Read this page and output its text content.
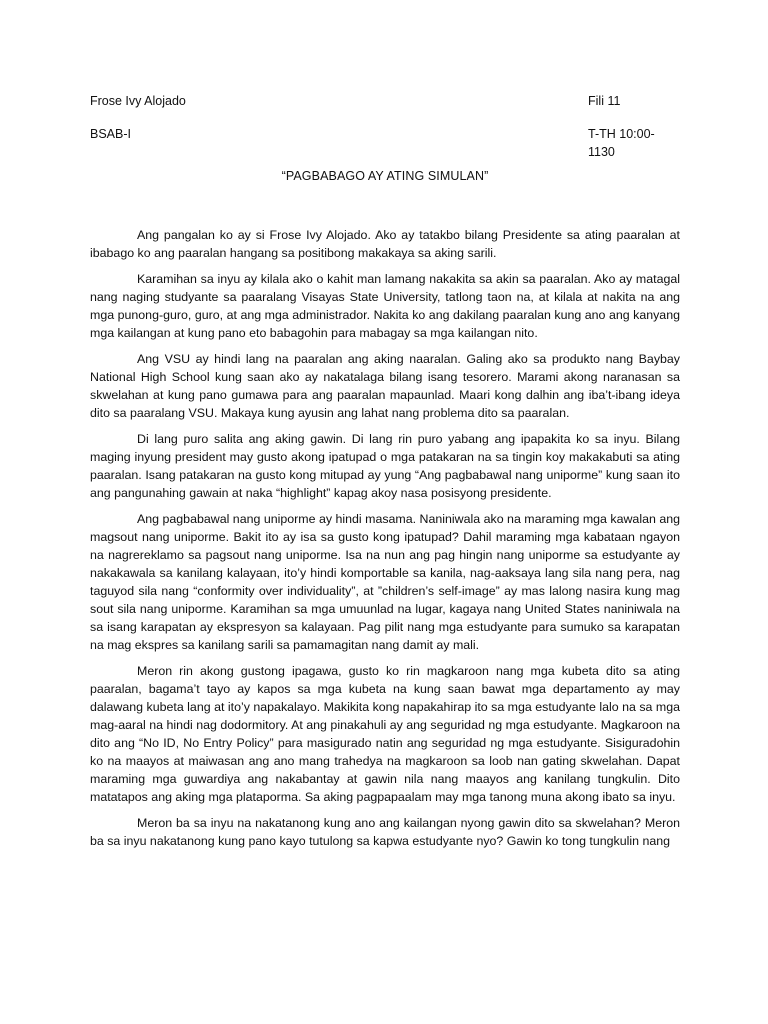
Frose Ivy Alojado	Fili 11
BSAB-I	T-TH 10:00-1130
“PAGBABAGO AY ATING SIMULAN”

Ang pangalan ko ay si Frose Ivy Alojado. Ako ay tatakbo bilang Presidente sa ating paaralan at ibabago ko ang paaralan hangang sa positibong makakaya sa aking sarili.

Karamihan sa inyu ay kilala ako o kahit man lamang nakakita sa akin sa paaralan. Ako ay matagal nang naging studyante sa paaralang Visayas State University, tatlong taon na, at kilala at nakita na ang mga punong-guro, guro, at ang mga administrador. Nakita ko ang dakilang paaralan kung ano ang kanyang mga kailangan at kung pano eto babagohin para mabagay sa mga kailangan nito.

Ang VSU ay hindi lang na paaralan ang aking naaralan. Galing ako sa produkto nang Baybay National High School kung saan ako ay nakatalaga bilang isang tesorero. Marami akong naranasan sa skwelahan at kung pano gumawa para ang paaralan mapaunlad. Maari kong dalhin ang iba’t-ibang ideya dito sa paaralang VSU. Makaya kung ayusin ang lahat nang problema dito sa paaralan.

Di lang puro salita ang aking gawin. Di lang rin puro yabang ang ipapakita ko sa inyu. Bilang maging inyung president may gusto akong ipatupad o mga patakaran na sa tingin koy makakabuti sa ating paaralan. Isang patakaran na gusto kong mitupad ay yung “Ang pagbabawal nang uniporme” kung saan ito ang pangunahing gawain at naka “highlight” kapag akoy nasa posisyong presidente.

Ang pagbabawal nang uniporme ay hindi masama. Naniniwala ako na maraming mga kawalan ang magsout nang uniporme. Bakit ito ay isa sa gusto kong ipatupad? Dahil maraming mga kabataan ngayon na nagrereklamo sa pagsout nang uniporme. Isa na nun ang pag hingin nang uniporme sa estudyante ay nakakawala sa kanilang kalayaan, ito’y hindi komportable sa kanila, nag-aaksaya lang sila nang pera, nag taguyod sila nang “conformity over individuality”, at ”children’s self-image” ay mas lalong nasira kung mag sout sila nang uniporme. Karamihan sa mga umuunlad na lugar, kagaya nang United States naniniwala na sa isang karapatan ay ekspresyon sa kalayaan. Pag pilit nang mga estudyante para sumuko sa karapatan na mag ekspres sa kanilang sarili sa pamamagitan nang damit ay mali.

Meron rin akong gustong ipagawa, gusto ko rin magkaroon nang mga kubeta dito sa ating paaralan, bagama’t tayo ay kapos sa mga kubeta na kung saan bawat mga departamento ay may dalawang kubeta lang at ito’y napakalayo. Makikita kong napakahirap ito sa mga estudyante lalo na sa mga mag-aaral na hindi nag dodormitory. At ang pinakahuli ay ang seguridad ng mga estudyante. Magkaroon na dito ang “No ID, No Entry Policy” para masigurado natin ang seguridad ng mga estudyante. Sisiguradohin ko na maayos at maiwasan ang ano mang trahedya na magkaroon sa loob nan gating skwelahan. Dapat maraming mga guwardiya ang nakabantay at gawin nila nang maayos ang kanilang tungkulin. Dito matatapos ang aking mga plataporma. Sa aking pagpapaalam may mga tanong muna akong ibato sa inyu.

Meron ba sa inyu na nakatanong kung ano ang kailangan nyong gawin dito sa skwelahan? Meron ba sa inyu nakatanong kung pano kayo tutulong sa kapwa estudyante nyo? Gawin ko tong tungkulin nang
